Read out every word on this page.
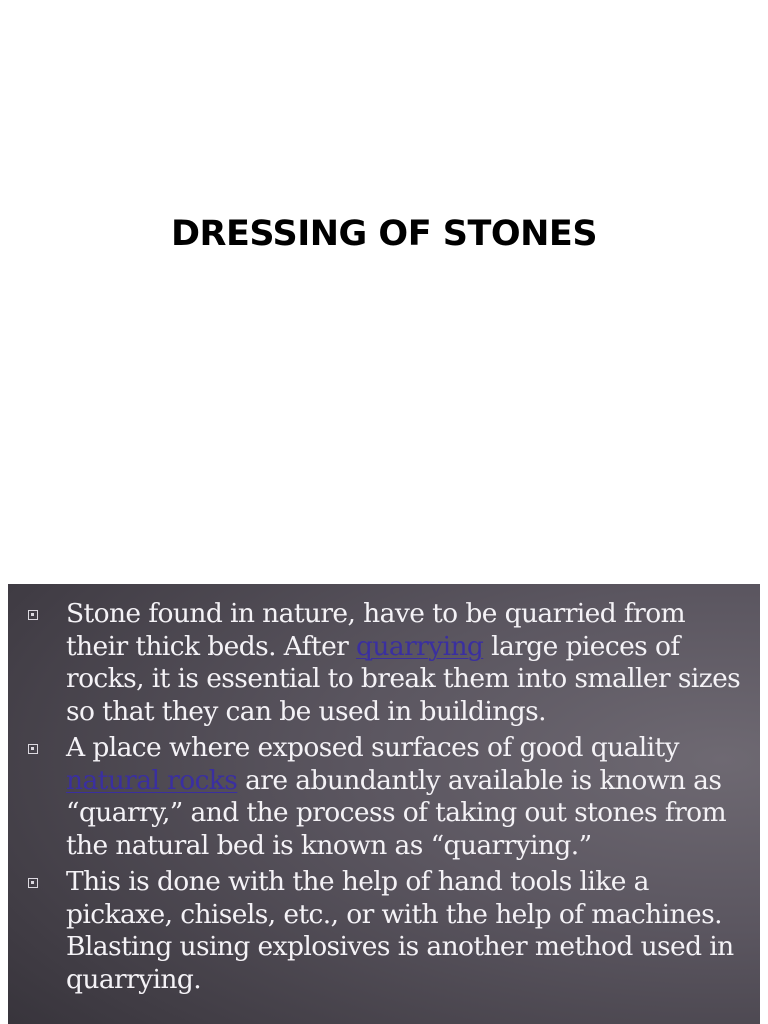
DRESSING OF STONES
Stone found in nature, have to be quarried from their thick beds. After quarrying large pieces of rocks, it is essential to break them into smaller sizes so that they can be used in buildings.
A place where exposed surfaces of good quality natural rocks are abundantly available is known as “quarry,” and the process of taking out stones from the natural bed is known as “quarrying.”
This is done with the help of hand tools like a pickaxe, chisels, etc., or with the help of machines. Blasting using explosives is another method used in quarrying.
